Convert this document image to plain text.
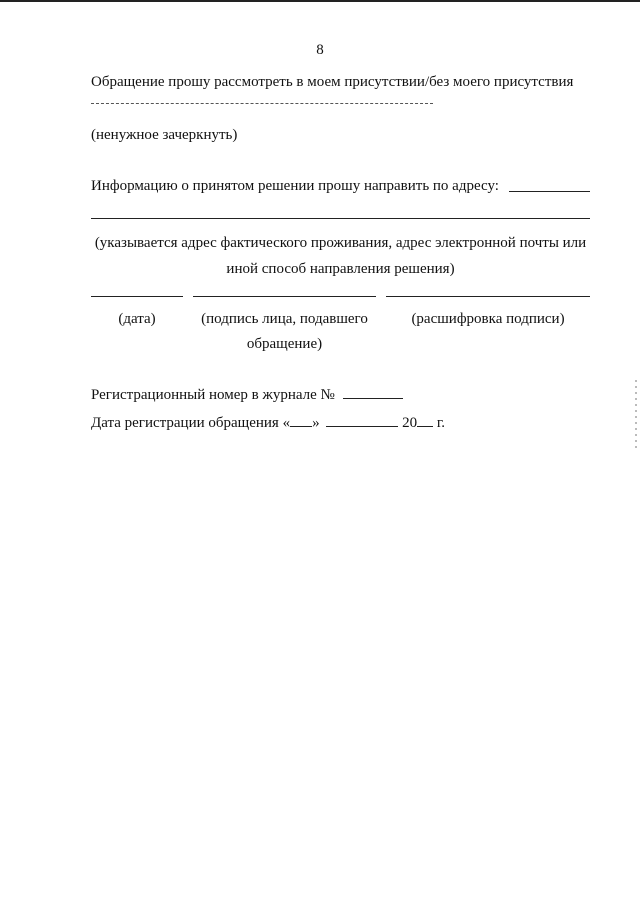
8
Обращение прошу рассмотреть в моем присутствии/без моего присутствия
(ненужное зачеркнуть)
Информацию о принятом решении прошу направить по адресу:
(указывается адрес фактического проживания, адрес электронной почты или иной способ направления решения)
(дата)	(подпись лица, подавшего обращение)
(расшифровка подписи)
Регистрационный номер в журнале №
Дата регистрации обращения « »	20 г.
